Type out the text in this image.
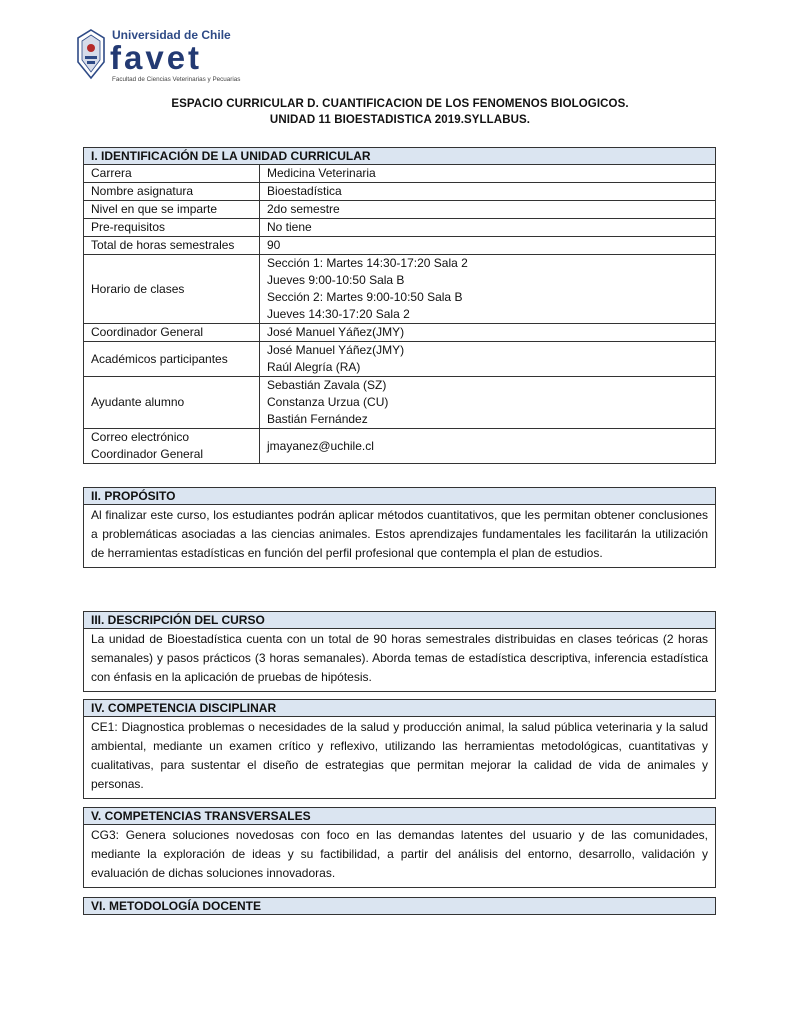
Universidad de Chile
favet
Facultad de Ciencias Veterinarias y Pecuarias
ESPACIO CURRICULAR D. CUANTIFICACION DE LOS FENOMENOS BIOLOGICOS.
UNIDAD 11 BIOESTADISTICA 2019.SYLLABUS.
I. IDENTIFICACIÓN DE LA UNIDAD CURRICULAR	
Carrera	Medicina Veterinaria
Nombre asignatura	Bioestadística
Nivel en que se imparte	2do semestre
Pre-requisitos	No tiene
Total de horas semestrales	90
Horario de clases	Sección 1: Martes 14:30-17:20 Sala 2
Jueves 9:00-10:50 Sala B
Sección 2: Martes 9:00-10:50 Sala B
Jueves 14:30-17:20 Sala 2

Coordinador General	José Manuel Yáñez(JMY)
Académicos participantes	José Manuel Yáñez(JMY)
Raúl Alegría (RA)

Ayudante alumno	Sebastián Zavala (SZ)
Constanza Urzua (CU)
Bastián Fernández

Correo electrónico
Coordinador General	jmayanez@uchile.cl
II. PROPÓSITO
Al finalizar este curso, los estudiantes podrán aplicar métodos cuantitativos, que les permitan obtener conclusiones a problemáticas asociadas a las ciencias animales. Estos aprendizajes fundamentales les facilitarán la utilización de herramientas estadísticas en función del perfil profesional que contempla el plan de estudios.
III. DESCRIPCIÓN DEL CURSO
La unidad de Bioestadística cuenta con un total de 90 horas semestrales distribuidas en clases teóricas (2 horas semanales) y pasos prácticos (3 horas semanales). Aborda temas de estadística descriptiva, inferencia estadística con énfasis en la aplicación de pruebas de hipótesis.
IV. COMPETENCIA DISCIPLINAR
CE1: Diagnostica problemas o necesidades de la salud y producción animal, la salud pública veterinaria y la salud ambiental, mediante un examen crítico y reflexivo, utilizando las herramientas metodológicas, cuantitativas y cualitativas, para sustentar el diseño de estrategias que permitan mejorar la calidad de vida de animales y personas.
V. COMPETENCIAS TRANSVERSALES
CG3: Genera soluciones novedosas con foco en las demandas latentes del usuario y de las comunidades, mediante la exploración de ideas y su factibilidad, a partir del análisis del entorno, desarrollo, validación y evaluación de dichas soluciones innovadoras.
VI. METODOLOGÍA DOCENTE
